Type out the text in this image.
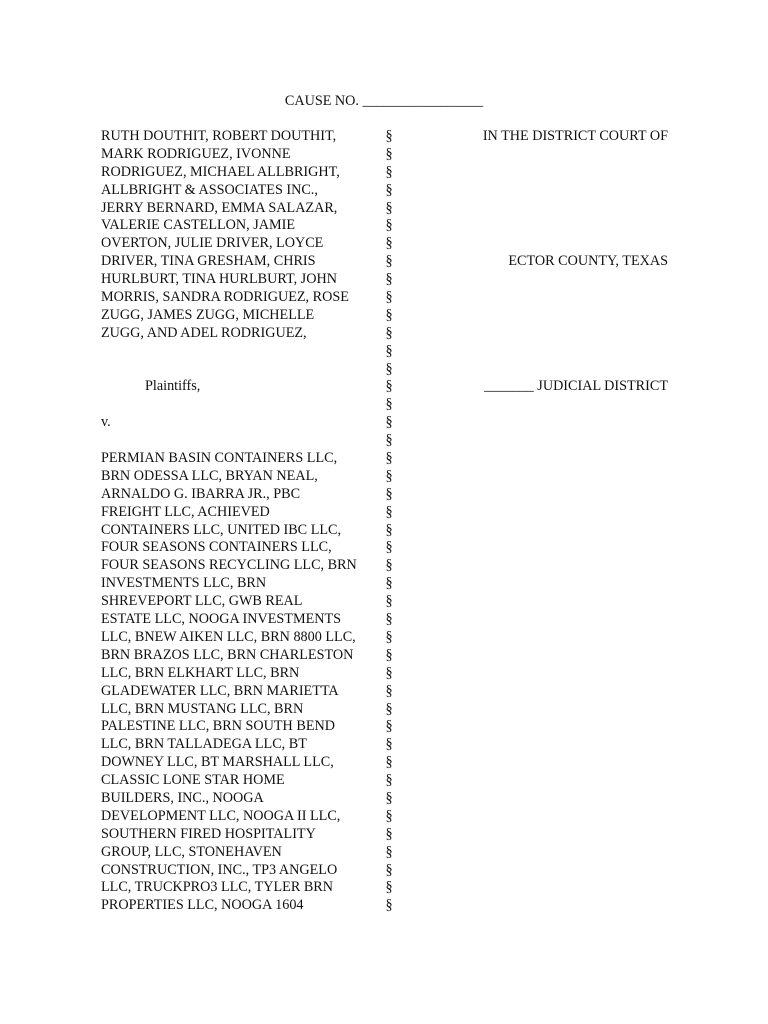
CAUSE NO. _________________
RUTH DOUTHIT, ROBERT DOUTHIT,	§	IN THE DISTRICT COURT OF
MARK RODRIGUEZ, IVONNE	§
RODRIGUEZ, MICHAEL ALLBRIGHT,	§
ALLBRIGHT & ASSOCIATES INC.,	§
JERRY BERNARD, EMMA SALAZAR,	§
VALERIE CASTELLON, JAMIE	§
OVERTON, JULIE DRIVER, LOYCE	§
DRIVER, TINA GRESHAM, CHRIS	§	ECTOR COUNTY, TEXAS
HURLBURT, TINA HURLBURT, JOHN	§
MORRIS, SANDRA RODRIGUEZ, ROSE	§
ZUGG, JAMES ZUGG, MICHELLE	§
ZUGG, AND ADEL RODRIGUEZ,	§
§
§
Plaintiffs,	§	_______ JUDICIAL DISTRICT
§
v.	§
§
PERMIAN BASIN CONTAINERS LLC,	§
BRN ODESSA LLC, BRYAN NEAL,	§
ARNALDO G. IBARRA JR., PBC	§
FREIGHT LLC, ACHIEVED	§
CONTAINERS LLC, UNITED IBC LLC,	§
FOUR SEASONS CONTAINERS LLC,	§
FOUR SEASONS RECYCLING LLC, BRN §
INVESTMENTS LLC, BRN	§
SHREVEPORT LLC, GWB REAL	§
ESTATE LLC, NOOGA INVESTMENTS	§
LLC, BNEW AIKEN LLC, BRN 8800 LLC, §
BRN BRAZOS LLC, BRN CHARLESTON §
LLC, BRN ELKHART LLC, BRN	§
GLADEWATER LLC, BRN MARIETTA	§
LLC, BRN MUSTANG LLC, BRN	§
PALESTINE LLC, BRN SOUTH BEND	§
LLC, BRN TALLADEGA LLC, BT	§
DOWNEY LLC, BT MARSHALL LLC,	§
CLASSIC LONE STAR HOME	§
BUILDERS, INC., NOOGA	§
DEVELOPMENT LLC, NOOGA II LLC,	§
SOUTHERN FIRED HOSPITALITY	§
GROUP, LLC, STONEHAVEN	§
CONSTRUCTION, INC., TP3 ANGELO	§
LLC, TRUCKPRO3 LLC, TYLER BRN	§
PROPERTIES LLC, NOOGA 1604	§
